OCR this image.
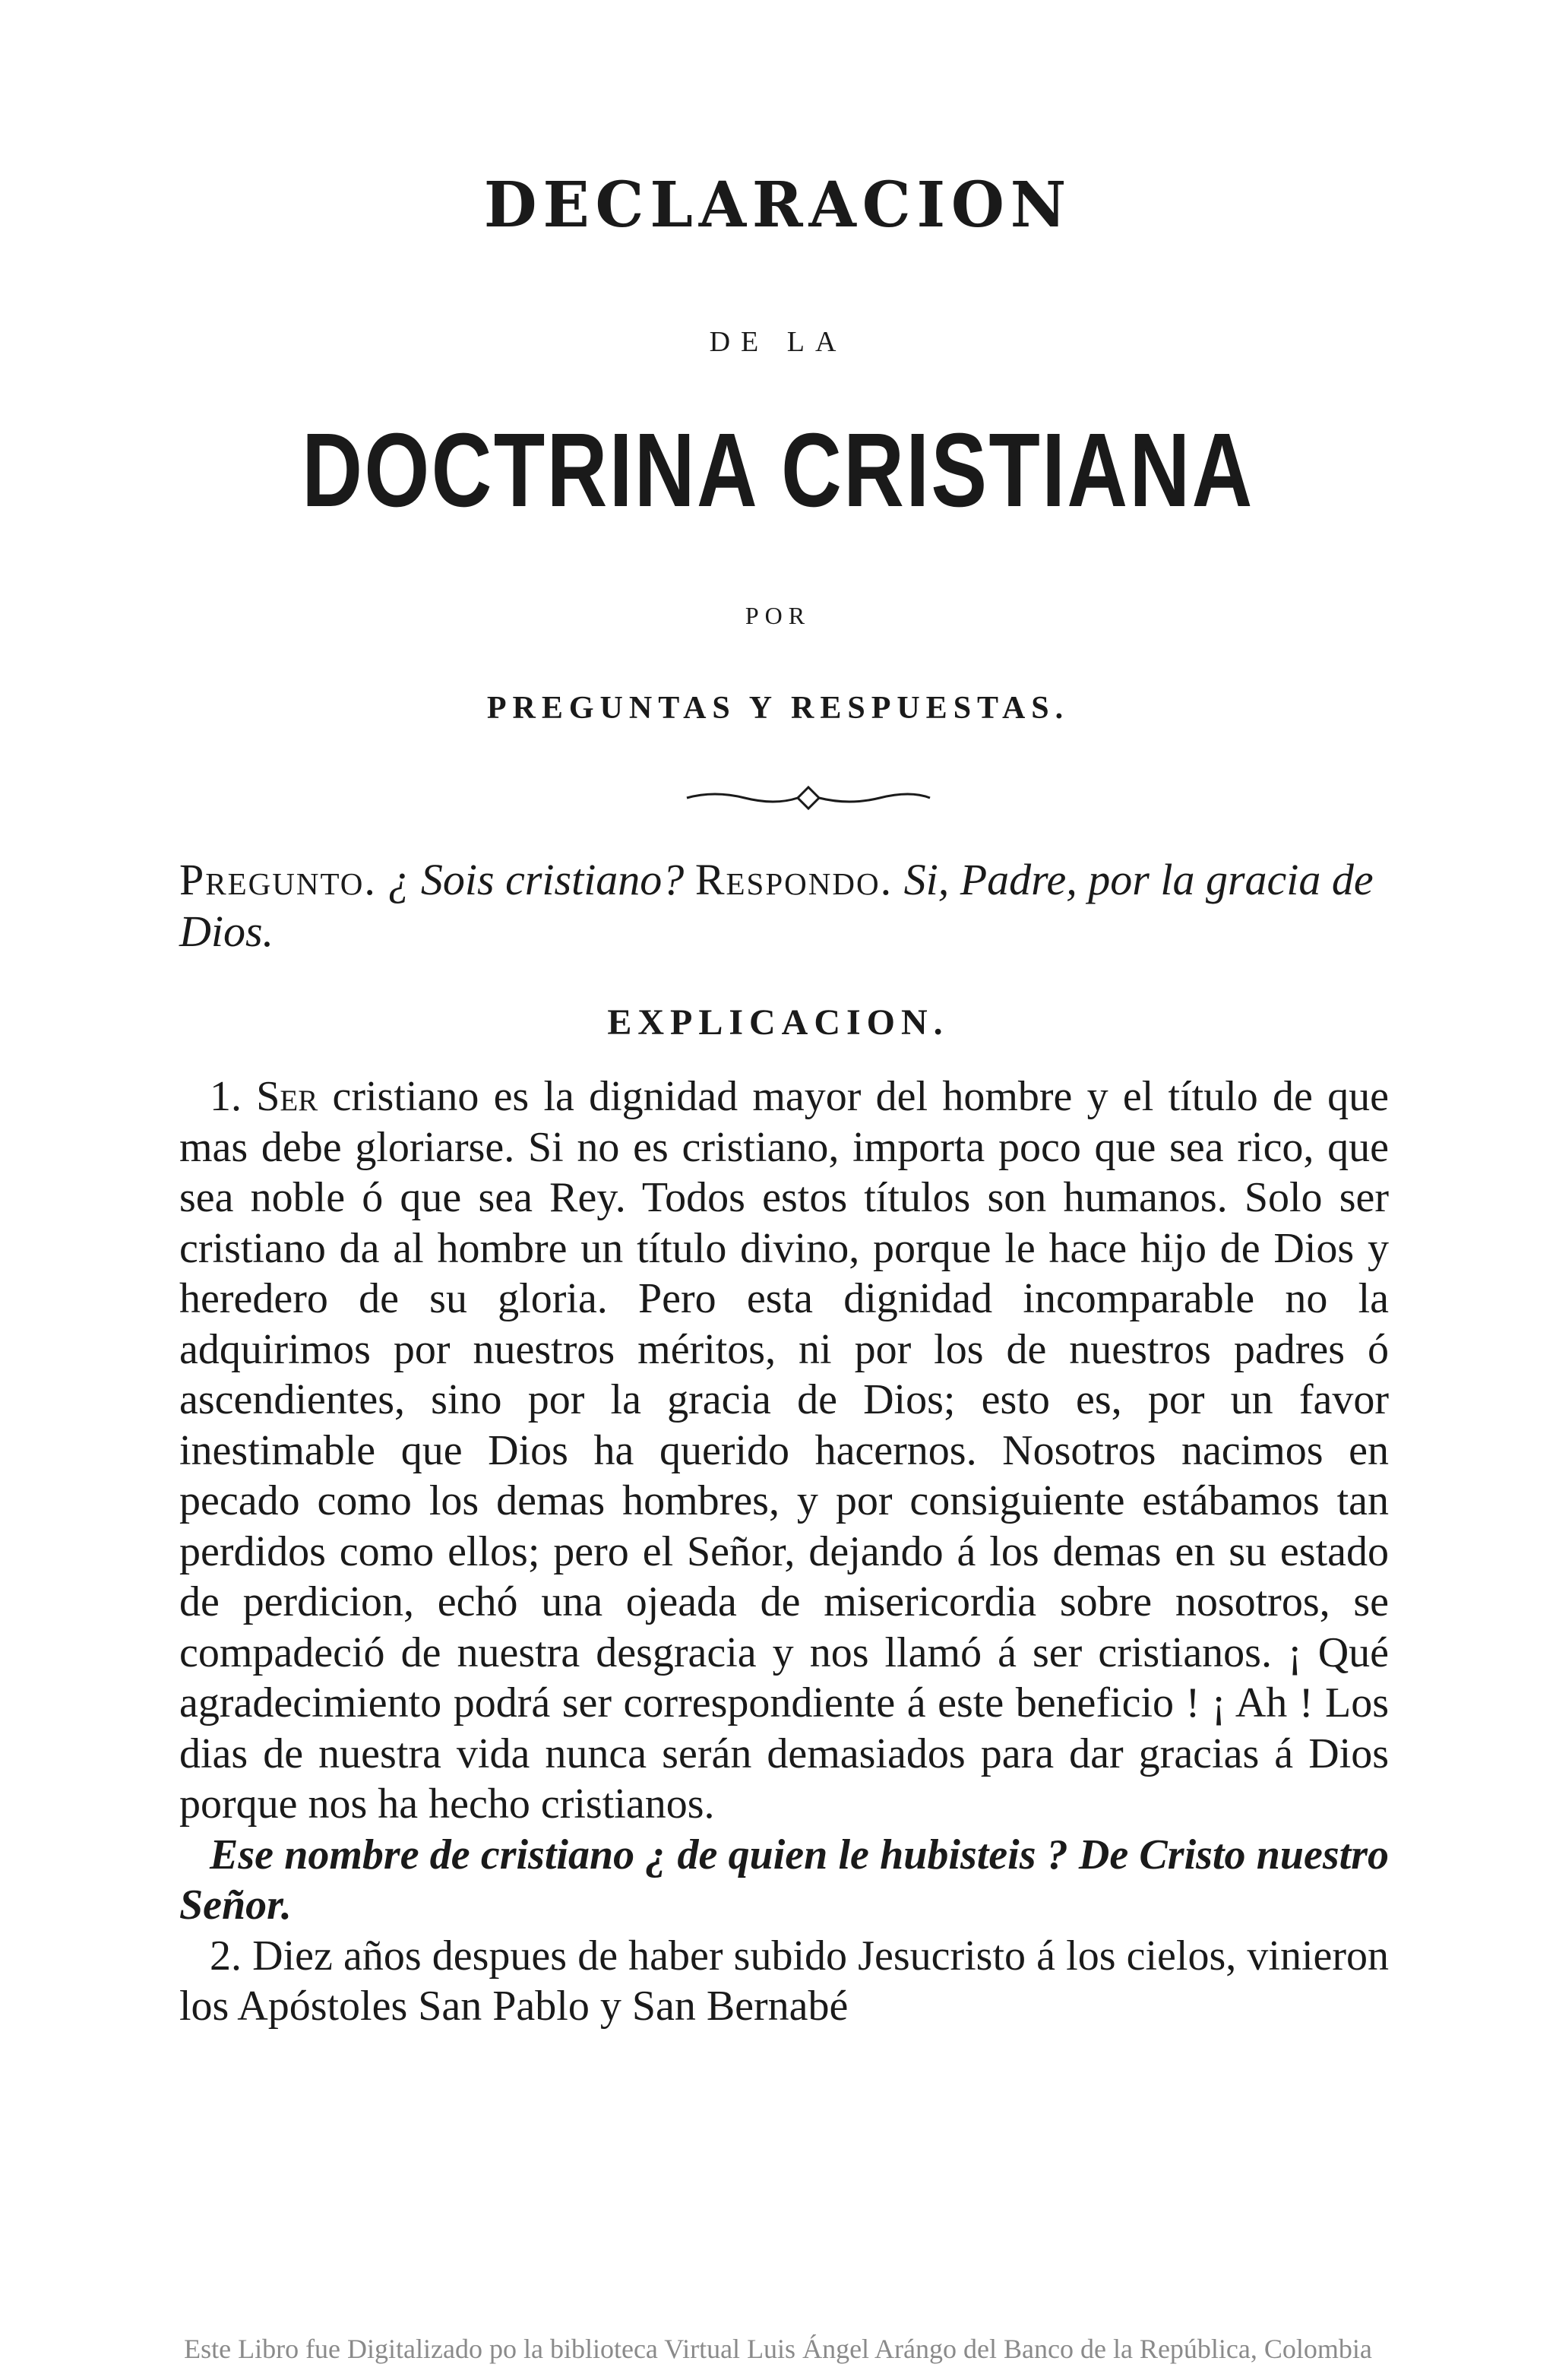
DECLARACION
DE LA
DOCTRINA CRISTIANA
POR
PREGUNTAS Y RESPUESTAS.
Pregunto. ¿ Sois cristiano? Respondo. Si, Padre, por la gracia de Dios.
EXPLICACION.

1. Ser cristiano es la dignidad mayor del hombre y el título de que mas debe gloriarse. Si no es cristiano, importa poco que sea rico, que sea noble ó que sea Rey. Todos estos títulos son humanos. Solo ser cristiano da al hombre un título divino, porque le hace hijo de Dios y heredero de su gloria. Pero esta dignidad incomparable no la adquirimos por nuestros méritos, ni por los de nuestros padres ó ascendientes, sino por la gracia de Dios; esto es, por un favor inestimable que Dios ha querido hacernos. Nosotros nacimos en pecado como los demas hombres, y por consiguiente estábamos tan perdidos como ellos; pero el Señor, dejando á los demas en su estado de perdicion, echó una ojeada de misericordia sobre nosotros, se compadeció de nuestra desgracia y nos llamó á ser cristianos. ¡ Qué agradecimiento podrá ser correspondiente á este beneficio ! ¡ Ah ! Los dias de nuestra vida nunca serán demasiados para dar gracias á Dios porque nos ha hecho cristianos.

Ese nombre de cristiano ¿ de quien le hubisteis ? De Cristo nuestro Señor.

2. Diez años despues de haber subido Jesucristo á los cielos, vinieron los Apóstoles San Pablo y San Bernabé

Este Libro fue Digitalizado po la biblioteca Virtual Luis Ángel Arángo del Banco de la República, Colombia
